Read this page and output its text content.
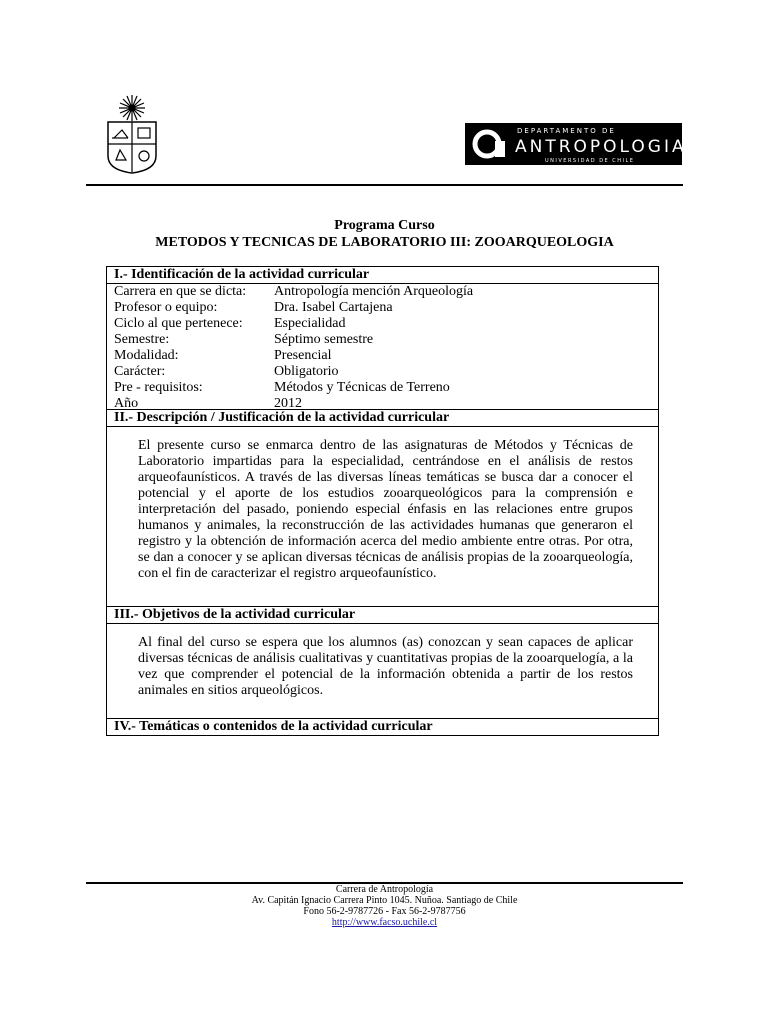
DEPARTAMENTO DE
ANTROPOLOGIA
UNIVERSIDAD DE CHILE
Programa Curso
METODOS Y TECNICAS DE LABORATORIO III: ZOOARQUEOLOGIA
I.- Identificación de la actividad curricular
Carrera en que se dicta:	Antropología mención Arqueología
Profesor o equipo:	Dra. Isabel Cartajena
Ciclo al que pertenece:	Especialidad
Semestre:	Séptimo semestre
Modalidad:	Presencial
Carácter:	Obligatorio
Pre - requisitos:	Métodos y Técnicas de Terreno
Año	2012
II.- Descripción / Justificación de la actividad curricular
El presente curso se enmarca dentro de las asignaturas de Métodos y Técnicas de Laboratorio impartidas para la especialidad, centrándose en el análisis de restos arqueofaunísticos. A través de las diversas líneas temáticas se busca dar a conocer el potencial y el aporte de los estudios zooarqueológicos para la comprensión e interpretación del pasado, poniendo especial énfasis en las relaciones entre grupos humanos y animales, la reconstrucción de las actividades humanas que generaron el registro y la obtención de información acerca del medio ambiente entre otras. Por otra, se dan a conocer y se aplican diversas técnicas de análisis propias de la zooarqueología, con el fin de caracterizar el registro arqueofaunístico.
III.- Objetivos de la actividad curricular
Al final del curso se espera que los alumnos (as) conozcan y sean capaces de aplicar diversas técnicas de análisis cualitativas y cuantitativas propias de la zooarquelogía, a la vez que comprender el potencial de la información obtenida a partir de los restos animales en sitios arqueológicos.
IV.- Temáticas o contenidos de la actividad curricular
Carrera de Antropología
Av. Capitán Ignacio Carrera Pinto 1045. Nuñoa. Santiago de Chile
Fono 56-2-9787726 - Fax 56-2-9787756
http://www.facso.uchile.cl
